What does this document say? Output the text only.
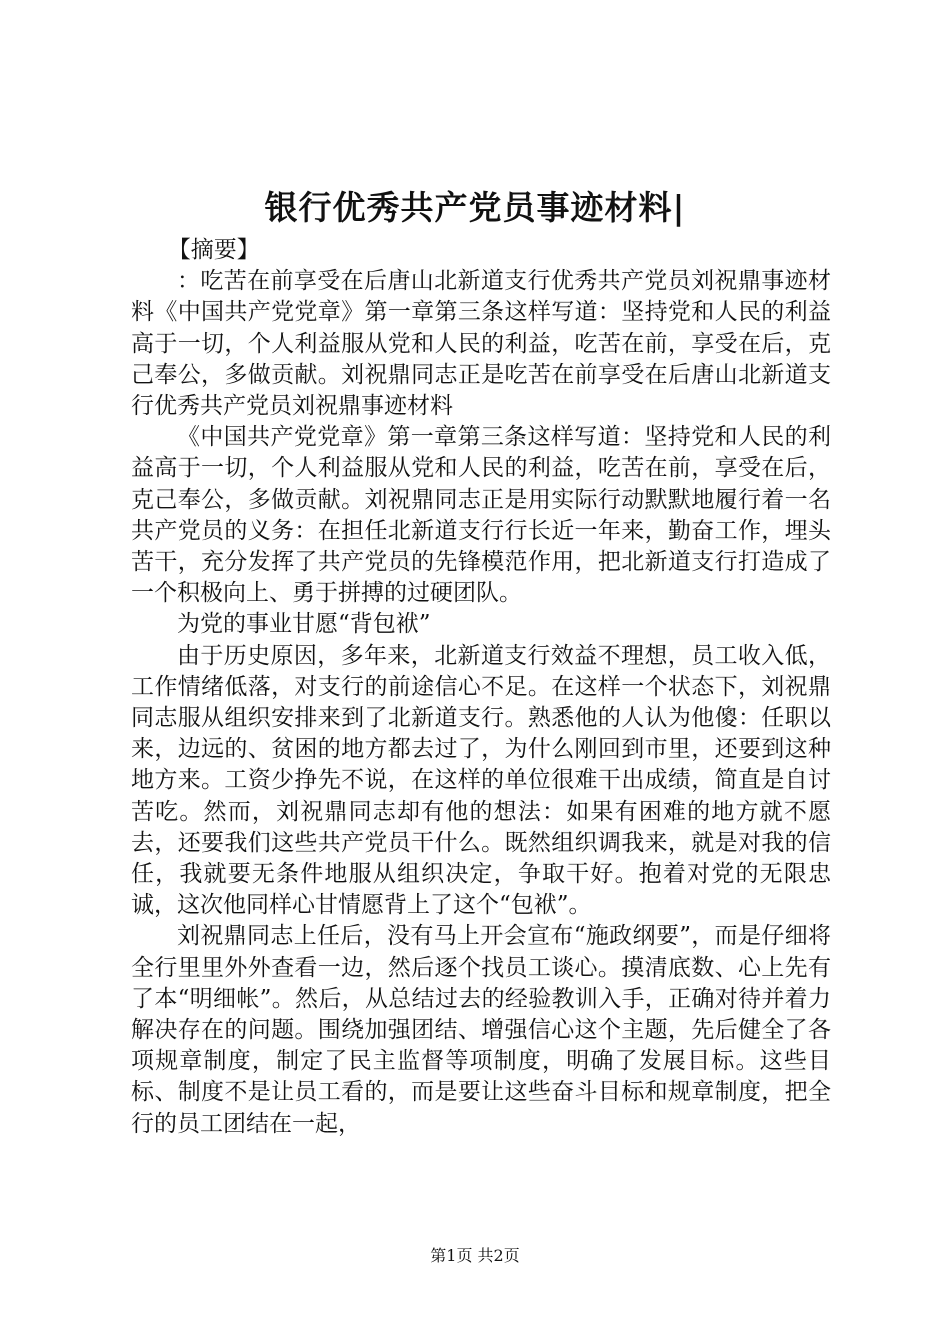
银行优秀共产党员事迹材料|

【摘要】

：吃苦在前享受在后唐山北新道支行优秀共产党员刘祝鼎事迹材料《中国共产党党章》第一章第三条这样写道：坚持党和人民的利益高于一切，个人利益服从党和人民的利益，吃苦在前，享受在后，克己奉公，多做贡献。刘祝鼎同志正是吃苦在前享受在后唐山北新道支行优秀共产党员刘祝鼎事迹材料

《中国共产党党章》第一章第三条这样写道：坚持党和人民的利益高于一切，个人利益服从党和人民的利益，吃苦在前，享受在后，克己奉公，多做贡献。刘祝鼎同志正是用实际行动默默地履行着一名共产党员的义务：在担任北新道支行行长近一年来，勤奋工作，埋头苦干，充分发挥了共产党员的先锋模范作用，把北新道支行打造成了一个积极向上、勇于拼搏的过硬团队。

为党的事业甘愿“背包袱”

由于历史原因，多年来，北新道支行效益不理想，员工收入低，工作情绪低落，对支行的前途信心不足。在这样一个状态下，刘祝鼎同志服从组织安排来到了北新道支行。熟悉他的人认为他傻：任职以来，边远的、贫困的地方都去过了，为什么刚回到市里，还要到这种地方来。工资少挣先不说，在这样的单位很难干出成绩，简直是自讨苦吃。然而，刘祝鼎同志却有他的想法：如果有困难的地方就不愿去，还要我们这些共产党员干什么。既然组织调我来，就是对我的信任，我就要无条件地服从组织决定，争取干好。抱着对党的无限忠诚，这次他同样心甘情愿背上了这个“包袱”。

刘祝鼎同志上任后，没有马上开会宣布“施政纲要”，而是仔细将全行里里外外查看一边，然后逐个找员工谈心。摸清底数、心上先有了本“明细帐”。然后，从总结过去的经验教训入手，正确对待并着力解决存在的问题。围绕加强团结、增强信心这个主题，先后健全了各项规章制度，制定了民主监督等项制度，明确了发展目标。这些目标、制度不是让员工看的，而是要让这些奋斗目标和规章制度，把全行的员工团结在一起，

第1页 共2页
